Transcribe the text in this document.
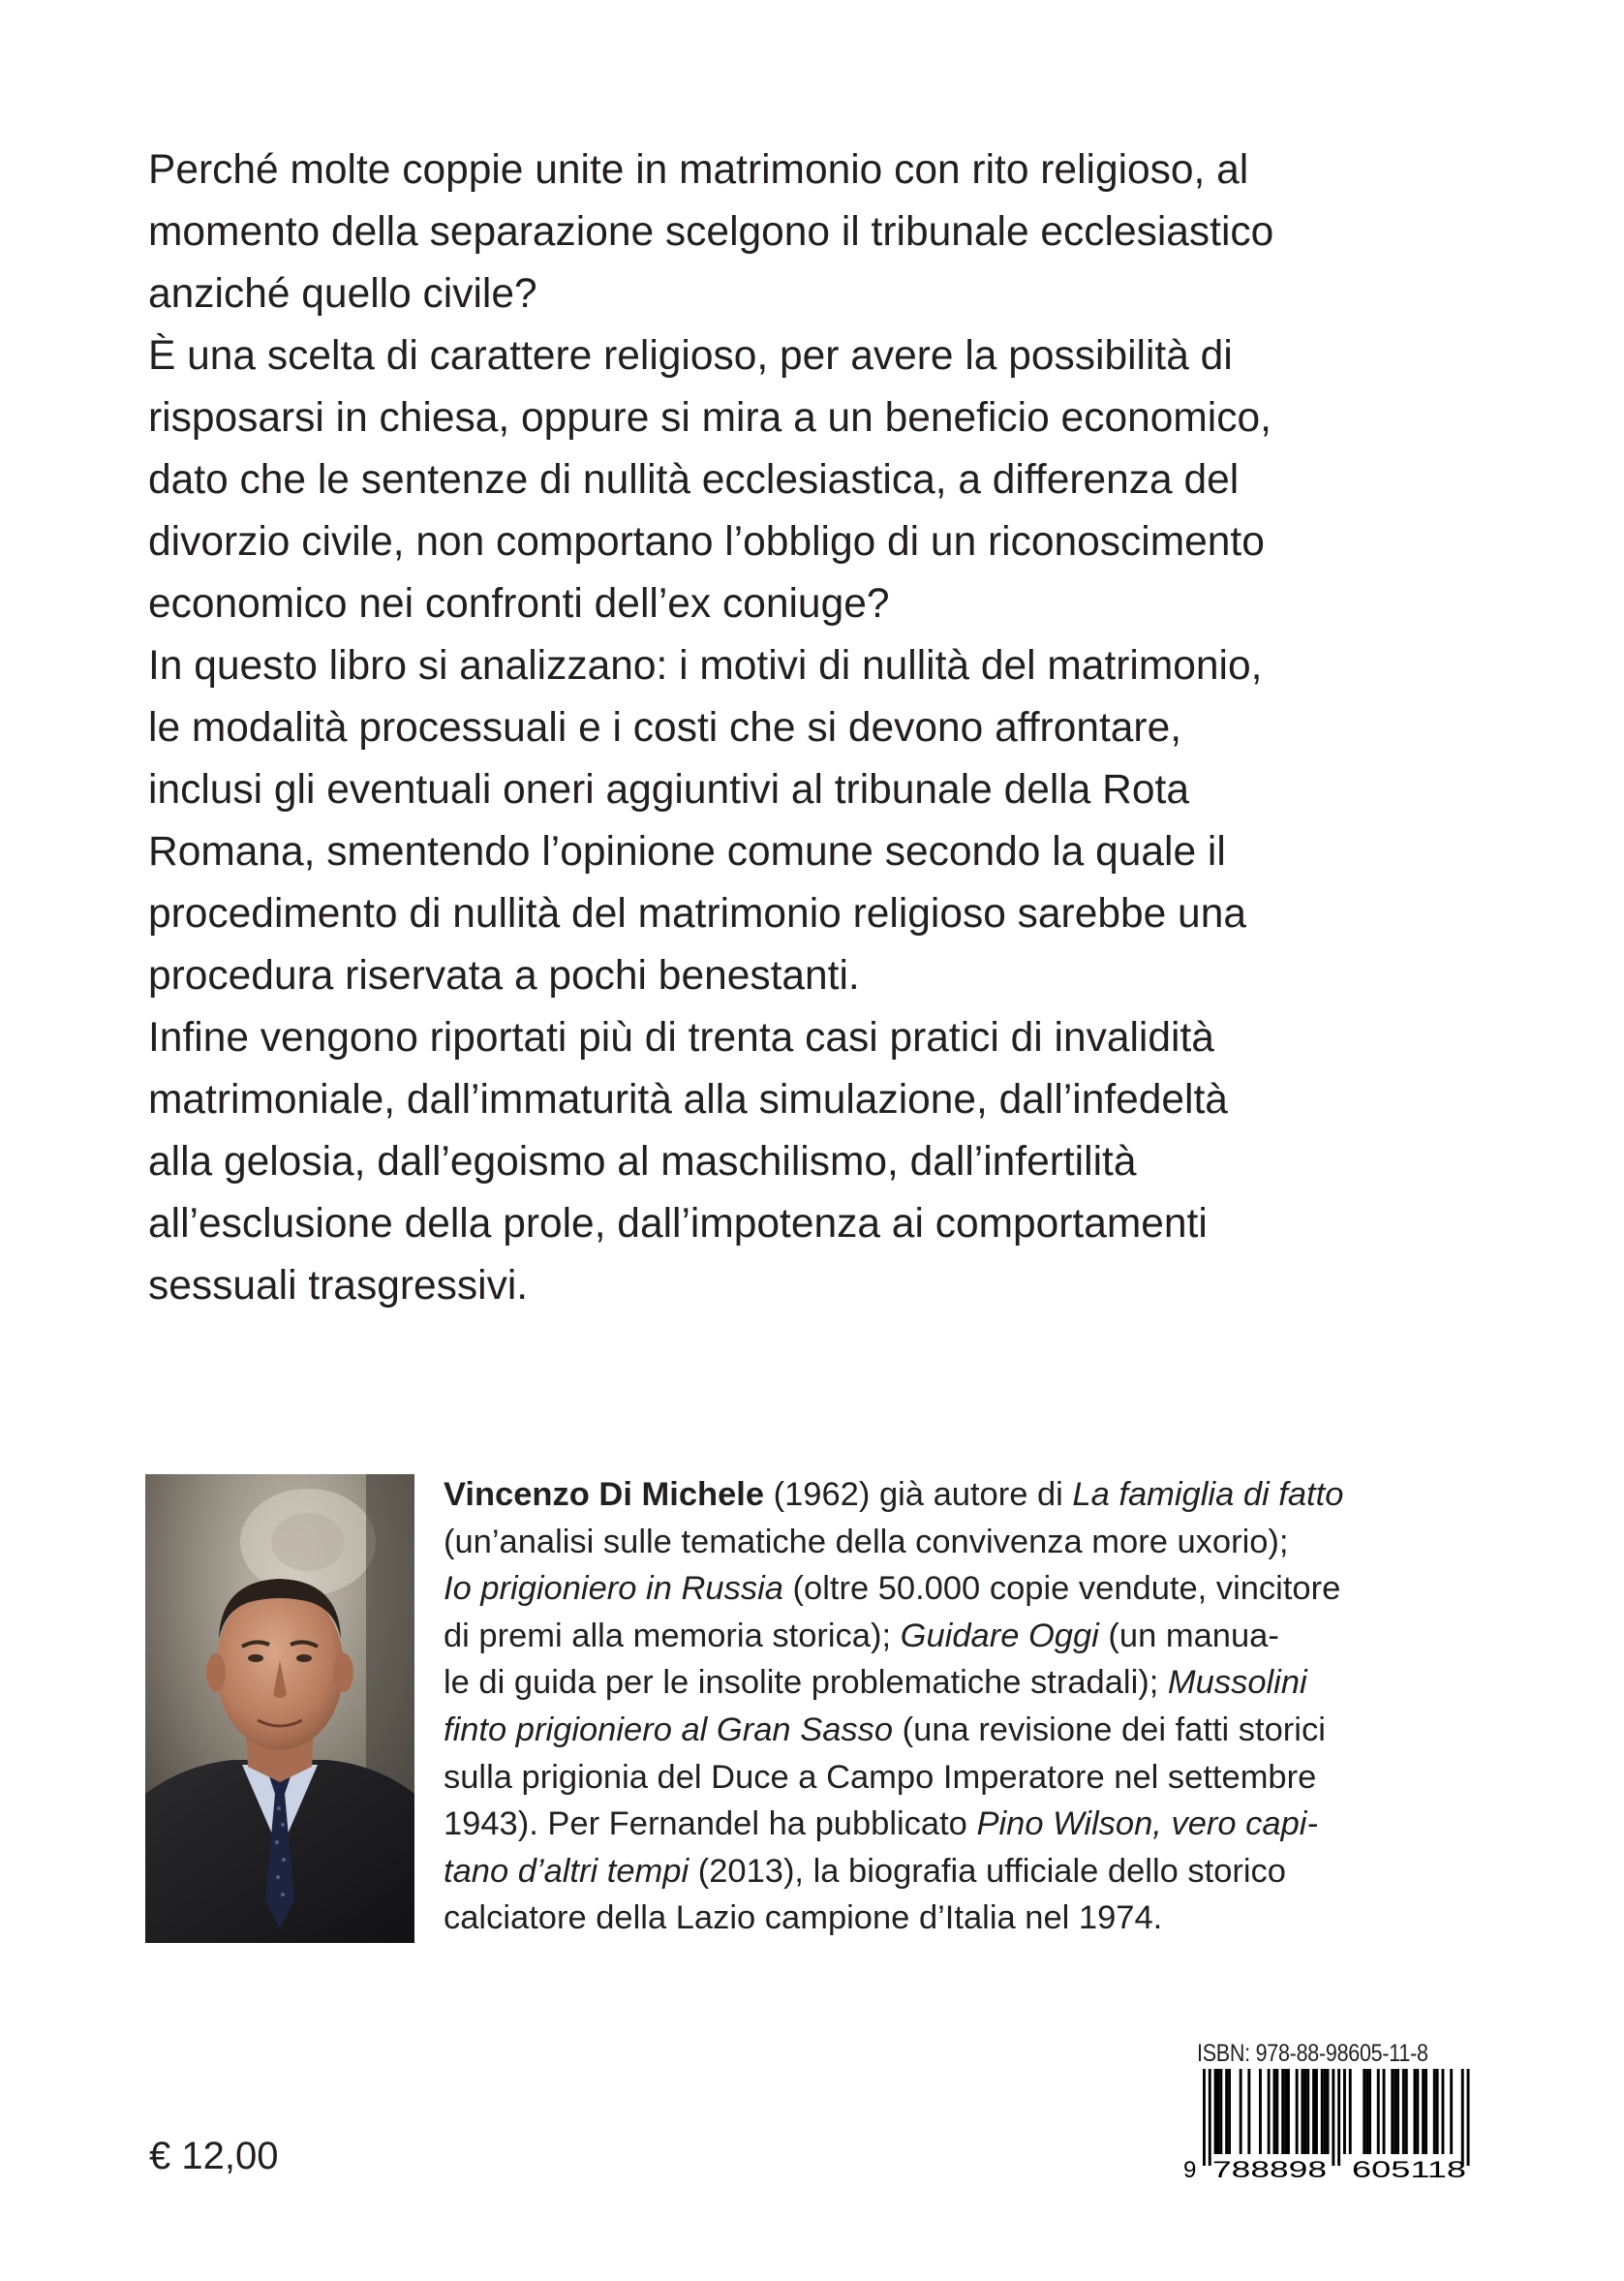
Perché molte coppie unite in matrimonio con rito religioso, al
momento della separazione scelgono il tribunale ecclesiastico
anziché quello civile?
È una scelta di carattere religioso, per avere la possibilità di
risposarsi in chiesa, oppure si mira a un beneficio economico,
dato che le sentenze di nullità ecclesiastica, a differenza del
divorzio civile, non comportano l’obbligo di un riconoscimento
economico nei confronti dell’ex coniuge?
In questo libro si analizzano: i motivi di nullità del matrimonio,
le modalità processuali e i costi che si devono affrontare,
inclusi gli eventuali oneri aggiuntivi al tribunale della Rota
Romana, smentendo l’opinione comune secondo la quale il
procedimento di nullità del matrimonio religioso sarebbe una
procedura riservata a pochi benestanti.
Infine vengono riportati più di trenta casi pratici di invalidità
matrimoniale, dall’immaturità alla simulazione, dall’infedeltà
alla gelosia, dall’egoismo al maschilismo, dall’infertilità
all’esclusione della prole, dall’impotenza ai comportamenti
sessuali trasgressivi.
Vincenzo Di Michele (1962) già autore di La famiglia di fatto
(un’analisi sulle tematiche della convivenza more uxorio);
Io prigioniero in Russia (oltre 50.000 copie vendute, vincitore
di premi alla memoria storica); Guidare Oggi (un manua-
le di guida per le insolite problematiche stradali); Mussolini
finto prigioniero al Gran Sasso (una revisione dei fatti storici
sulla prigionia del Duce a Campo Imperatore nel settembre
1943). Per Fernandel ha pubblicato Pino Wilson, vero capi-
tano d’altri tempi (2013), la biografia ufficiale dello storico
calciatore della Lazio campione d’Italia nel 1974.
€ 12,00
ISBN: 978-88-98605-11-8
9 788898 605118
